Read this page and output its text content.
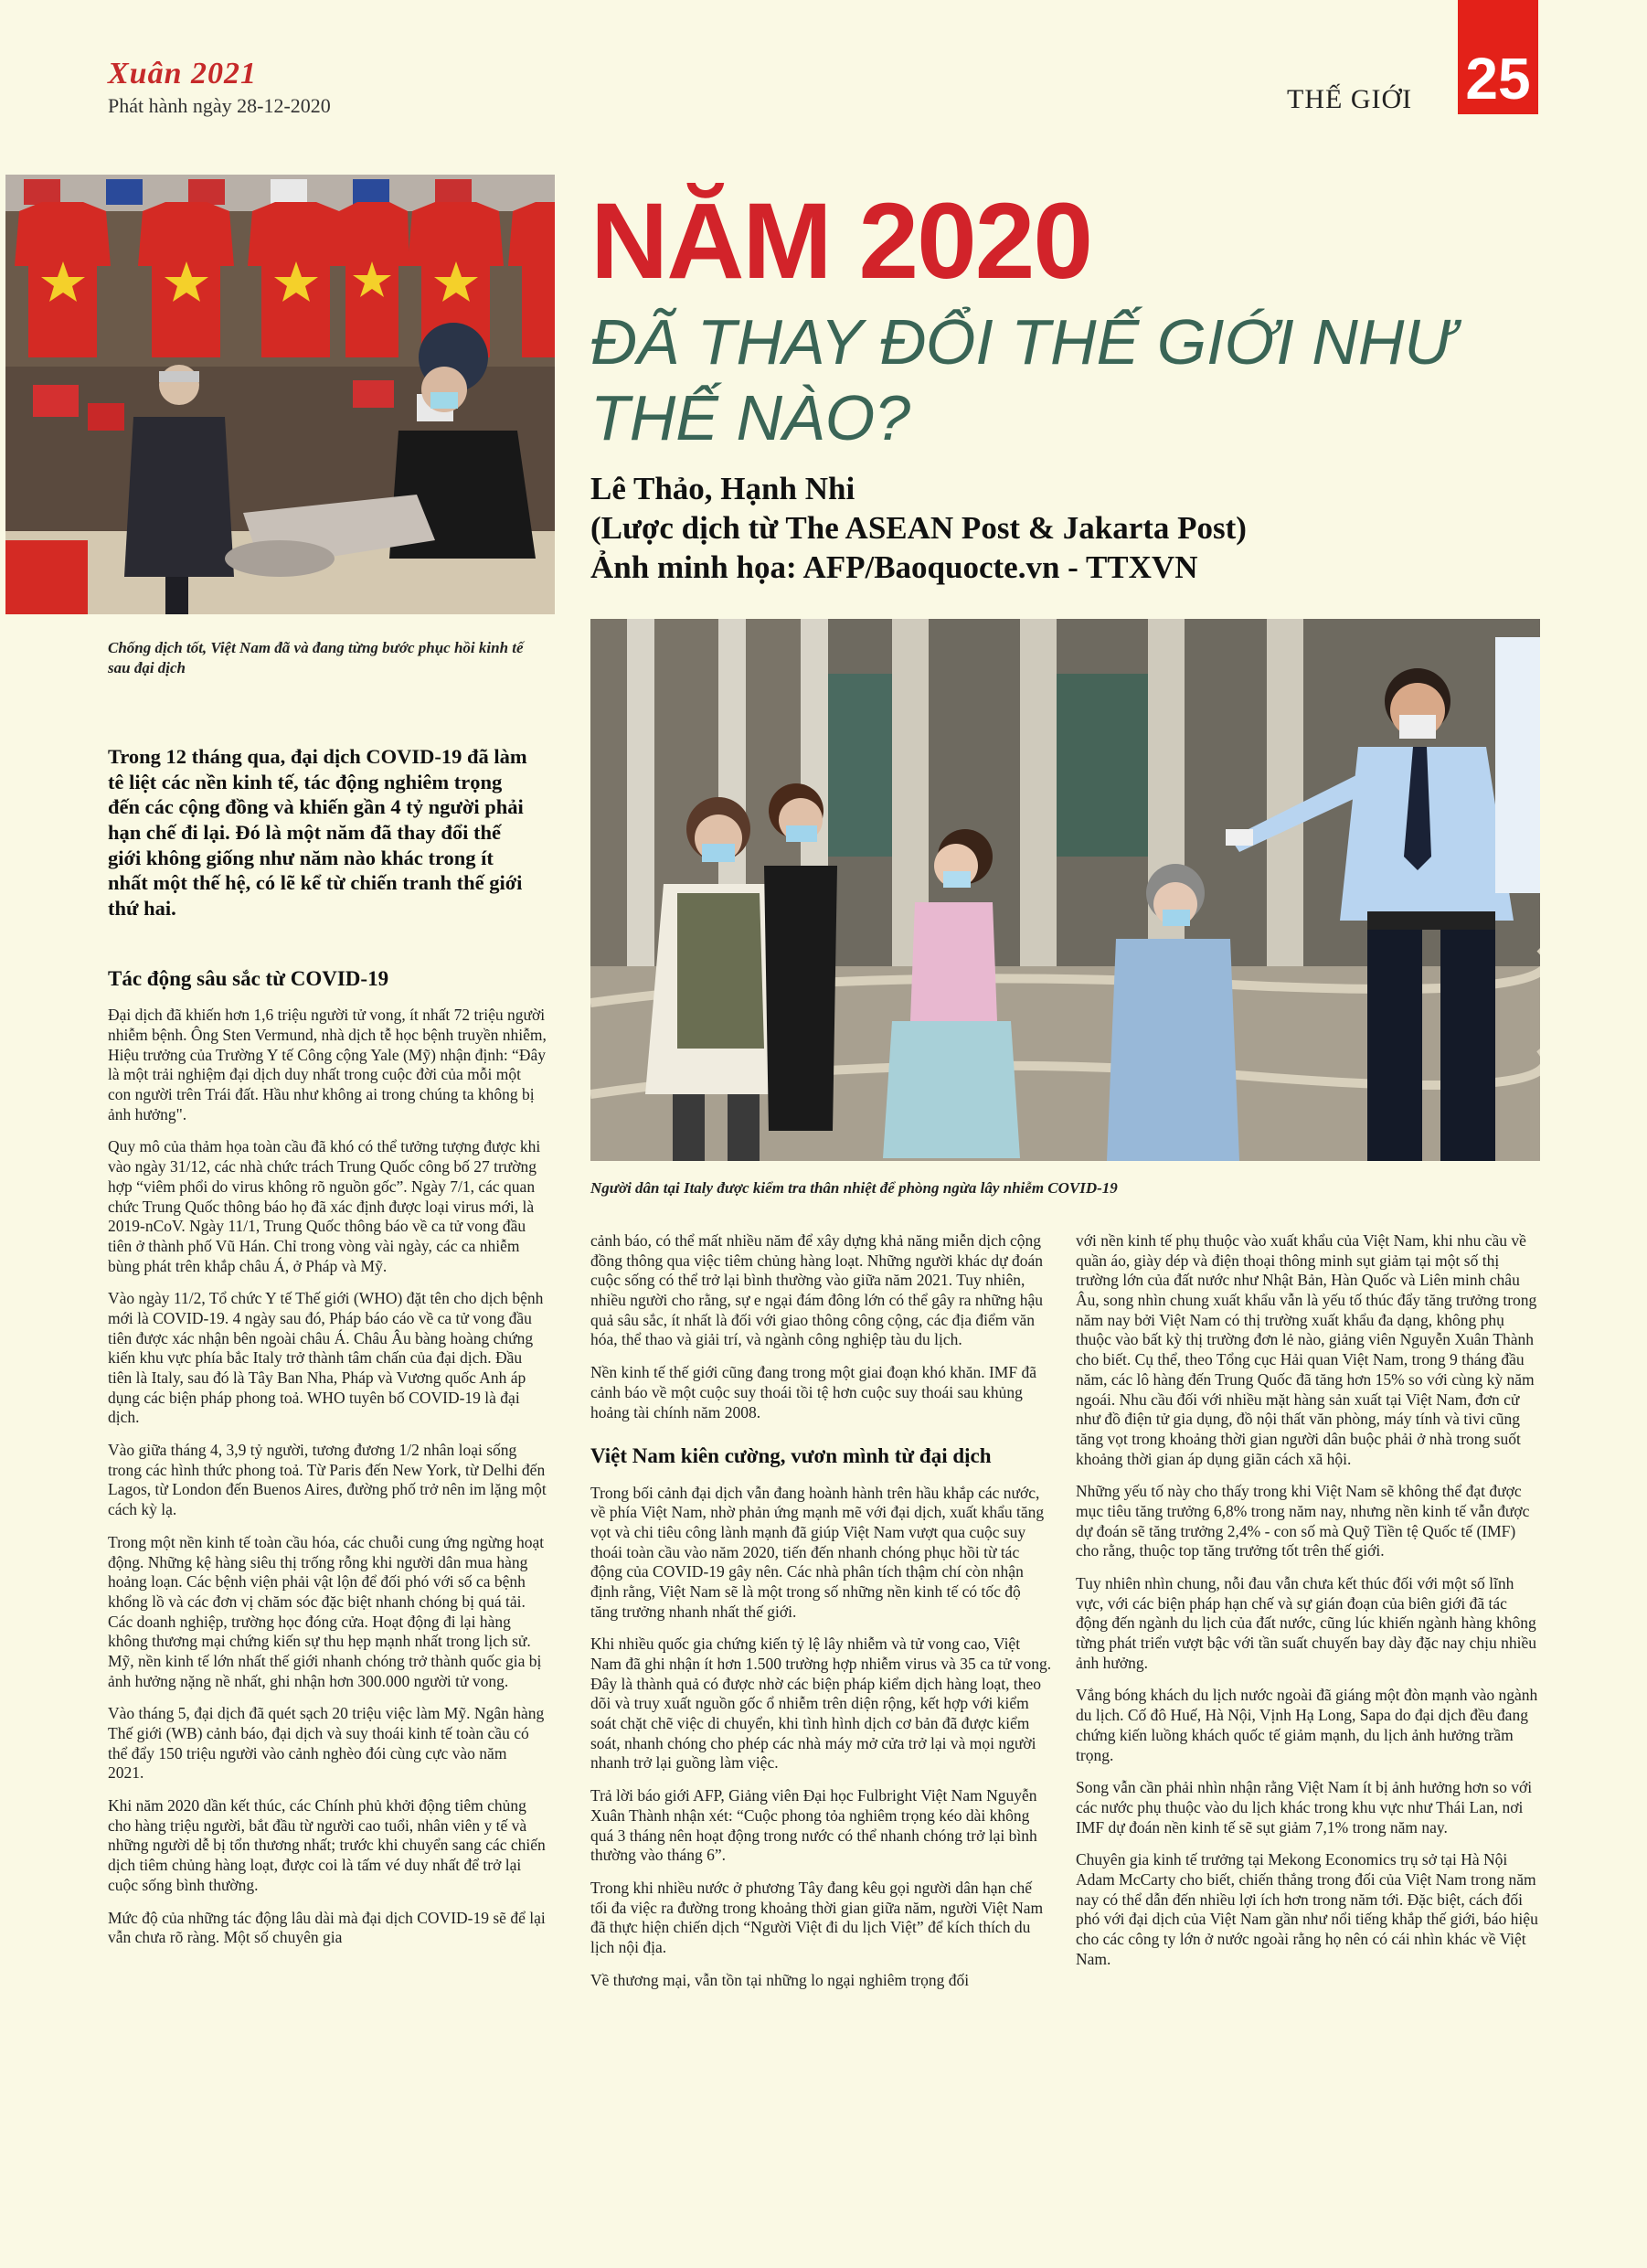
Xuân 2021
Phát hành ngày 28-12-2020	THẾ GIỚI 25
Chống dịch tốt, Việt Nam đã và đang từng bước phục hồi kinh tế sau đại dịch
NĂM 2020
ĐÃ THAY ĐỔI THẾ GIỚI NHƯ THẾ NÀO?
Lê Thảo, Hạnh Nhi
(Lược dịch từ The ASEAN Post & Jakarta Post)
Ảnh minh họa: AFP/Baoquocte.vn - TTXVN
Người dân tại Italy được kiểm tra thân nhiệt để phòng ngừa lây nhiễm COVID-19
Trong 12 tháng qua, đại dịch COVID-19 đã làm tê liệt các nền kinh tế, tác động nghiêm trọng đến các cộng đồng và khiến gần 4 tỷ người phải hạn chế đi lại. Đó là một năm đã thay đổi thế giới không giống như năm nào khác trong ít nhất một thế hệ, có lẽ kể từ chiến tranh thế giới thứ hai.
Tác động sâu sắc từ COVID-19

Đại dịch đã khiến hơn 1,6 triệu người tử vong, ít nhất 72 triệu người nhiễm bệnh. Ông Sten Vermund, nhà dịch tễ học bệnh truyền nhiễm, Hiệu trưởng của Trường Y tế Công cộng Yale (Mỹ) nhận định: “Đây là một trải nghiệm đại dịch duy nhất trong cuộc đời của mỗi một con người trên Trái đất. Hầu như không ai trong chúng ta không bị ảnh hưởng".

Quy mô của thảm họa toàn cầu đã khó có thể tưởng tượng được khi vào ngày 31/12, các nhà chức trách Trung Quốc công bố 27 trường hợp “viêm phổi do virus không rõ nguồn gốc”. Ngày 7/1, các quan chức Trung Quốc thông báo họ đã xác định được loại virus mới, là 2019-nCoV. Ngày 11/1, Trung Quốc thông báo về ca tử vong đầu tiên ở thành phố Vũ Hán. Chỉ trong vòng vài ngày, các ca nhiễm bùng phát trên khắp châu Á, ở Pháp và Mỹ.

Vào ngày 11/2, Tổ chức Y tế Thế giới (WHO) đặt tên cho dịch bệnh mới là COVID-19. 4 ngày sau đó, Pháp báo cáo về ca tử vong đầu tiên được xác nhận bên ngoài châu Á. Châu Âu bàng hoàng chứng kiến khu vực phía bắc Italy trở thành tâm chấn của đại dịch. Đầu tiên là Italy, sau đó là Tây Ban Nha, Pháp và Vương quốc Anh áp dụng các biện pháp phong toả. WHO tuyên bố COVID-19 là đại dịch.

Vào giữa tháng 4, 3,9 tỷ người, tương đương 1/2 nhân loại sống trong các hình thức phong toả. Từ Paris đến New York, từ Delhi đến Lagos, từ London đến Buenos Aires, đường phố trở nên im lặng một cách kỳ lạ.

Trong một nền kinh tế toàn cầu hóa, các chuỗi cung ứng ngừng hoạt động. Những kệ hàng siêu thị trống rỗng khi người dân mua hàng hoảng loạn. Các bệnh viện phải vật lộn để đối phó với số ca bệnh khổng lồ và các đơn vị chăm sóc đặc biệt nhanh chóng bị quá tải. Các doanh nghiệp, trường học đóng cửa. Hoạt động đi lại hàng không thương mại chứng kiến sự thu hẹp mạnh nhất trong lịch sử. Mỹ, nền kinh tế lớn nhất thế giới nhanh chóng trở thành quốc gia bị ảnh hưởng nặng nề nhất, ghi nhận hơn 300.000 người tử vong.

Vào tháng 5, đại dịch đã quét sạch 20 triệu việc làm Mỹ. Ngân hàng Thế giới (WB) cảnh báo, đại dịch và suy thoái kinh tế toàn cầu có thể đẩy 150 triệu người vào cảnh nghèo đói cùng cực vào năm 2021.

Khi năm 2020 dần kết thúc, các Chính phủ khởi động tiêm chủng cho hàng triệu người, bắt đầu từ người cao tuổi, nhân viên y tế và những người dễ bị tổn thương nhất; trước khi chuyển sang các chiến dịch tiêm chủng hàng loạt, được coi là tấm vé duy nhất để trở lại cuộc sống bình thường.

Mức độ của những tác động lâu dài mà đại dịch COVID-19 sẽ để lại vẫn chưa rõ ràng. Một số chuyên gia

cảnh báo, có thể mất nhiều năm để xây dựng khả năng miễn dịch cộng đồng thông qua việc tiêm chủng hàng loạt. Những người khác dự đoán cuộc sống có thể trở lại bình thường vào giữa năm 2021. Tuy nhiên, nhiều người cho rằng, sự e ngại đám đông lớn có thể gây ra những hậu quả sâu sắc, ít nhất là đối với giao thông công cộng, các địa điểm văn hóa, thể thao và giải trí, và ngành công nghiệp tàu du lịch.

Nền kinh tế thế giới cũng đang trong một giai đoạn khó khăn. IMF đã cảnh báo về một cuộc suy thoái tồi tệ hơn cuộc suy thoái sau khủng hoảng tài chính năm 2008.

Việt Nam kiên cường, vươn mình từ đại dịch

Trong bối cảnh đại dịch vẫn đang hoành hành trên hầu khắp các nước, về phía Việt Nam, nhờ phản ứng mạnh mẽ với đại dịch, xuất khẩu tăng vọt và chi tiêu công lành mạnh đã giúp Việt Nam vượt qua cuộc suy thoái toàn cầu vào năm 2020, tiến đến nhanh chóng phục hồi từ tác động của COVID-19 gây nên. Các nhà phân tích thậm chí còn nhận định rằng, Việt Nam sẽ là một trong số những nền kinh tế có tốc độ tăng trưởng nhanh nhất thế giới.

Khi nhiều quốc gia chứng kiến tỷ lệ lây nhiễm và tử vong cao, Việt Nam đã ghi nhận ít hơn 1.500 trường hợp nhiễm virus và 35 ca tử vong. Đây là thành quả có được nhờ các biện pháp kiểm dịch hàng loạt, theo dõi và truy xuất nguồn gốc ổ nhiễm trên diện rộng, kết hợp với kiểm soát chặt chẽ việc di chuyển, khi tình hình dịch cơ bản đã được kiểm soát, nhanh chóng cho phép các nhà máy mở cửa trở lại và mọi người nhanh trở lại guồng làm việc.

Trả lời báo giới AFP, Giảng viên Đại học Fulbright Việt Nam Nguyễn Xuân Thành nhận xét: “Cuộc phong tỏa nghiêm trọng kéo dài không quá 3 tháng nên hoạt động trong nước có thể nhanh chóng trở lại bình thường vào tháng 6”.

Trong khi nhiều nước ở phương Tây đang kêu gọi người dân hạn chế tối đa việc ra đường trong khoảng thời gian giữa năm, người Việt Nam đã thực hiện chiến dịch “Người Việt đi du lịch Việt” để kích thích du lịch nội địa.

Về thương mại, vẫn tồn tại những lo ngại nghiêm trọng đối

với nền kinh tế phụ thuộc vào xuất khẩu của Việt Nam, khi nhu cầu về quần áo, giày dép và điện thoại thông minh sụt giảm tại một số thị trường lớn của đất nước như Nhật Bản, Hàn Quốc và Liên minh châu Âu, song nhìn chung xuất khẩu vẫn là yếu tố thúc đẩy tăng trưởng trong năm nay bởi Việt Nam có thị trường xuất khẩu đa dạng, không phụ thuộc vào bất kỳ thị trường đơn lẻ nào, giảng viên Nguyễn Xuân Thành cho biết. Cụ thể, theo Tổng cục Hải quan Việt Nam, trong 9 tháng đầu năm, các lô hàng đến Trung Quốc đã tăng hơn 15% so với cùng kỳ năm ngoái. Nhu cầu đối với nhiều mặt hàng sản xuất tại Việt Nam, đơn cử như đồ điện tử gia dụng, đồ nội thất văn phòng, máy tính và tivi cũng tăng vọt trong khoảng thời gian người dân buộc phải ở nhà trong suốt khoảng thời gian áp dụng giãn cách xã hội.

Những yếu tố này cho thấy trong khi Việt Nam sẽ không thể đạt được mục tiêu tăng trưởng 6,8% trong năm nay, nhưng nền kinh tế vẫn được dự đoán sẽ tăng trưởng 2,4% - con số mà Quỹ Tiền tệ Quốc tế (IMF) cho rằng, thuộc top tăng trưởng tốt trên thế giới.

Tuy nhiên nhìn chung, nỗi đau vẫn chưa kết thúc đối với một số lĩnh vực, với các biện pháp hạn chế và sự gián đoạn của biên giới đã tác động đến ngành du lịch của đất nước, cũng lúc khiến ngành hàng không từng phát triển vượt bậc với tần suất chuyến bay dày đặc nay chịu nhiều ảnh hưởng.

Vắng bóng khách du lịch nước ngoài đã giáng một đòn mạnh vào ngành du lịch. Cố đô Huế, Hà Nội, Vịnh Hạ Long, Sapa do đại dịch đều đang chứng kiến luồng khách quốc tế giảm mạnh, du lịch ảnh hưởng trầm trọng.

Song vẫn cần phải nhìn nhận rằng Việt Nam ít bị ảnh hưởng hơn so với các nước phụ thuộc vào du lịch khác trong khu vực như Thái Lan, nơi IMF dự đoán nền kinh tế sẽ sụt giảm 7,1% trong năm nay.

Chuyên gia kinh tế trưởng tại Mekong Economics trụ sở tại Hà Nội Adam McCarty cho biết, chiến thắng trong đối của Việt Nam trong năm nay có thể dẫn đến nhiều lợi ích hơn trong năm tới. Đặc biệt, cách đối phó với đại dịch của Việt Nam gần như nổi tiếng khắp thế giới, báo hiệu cho các công ty lớn ở nước ngoài rằng họ nên có cái nhìn khác về Việt Nam.
